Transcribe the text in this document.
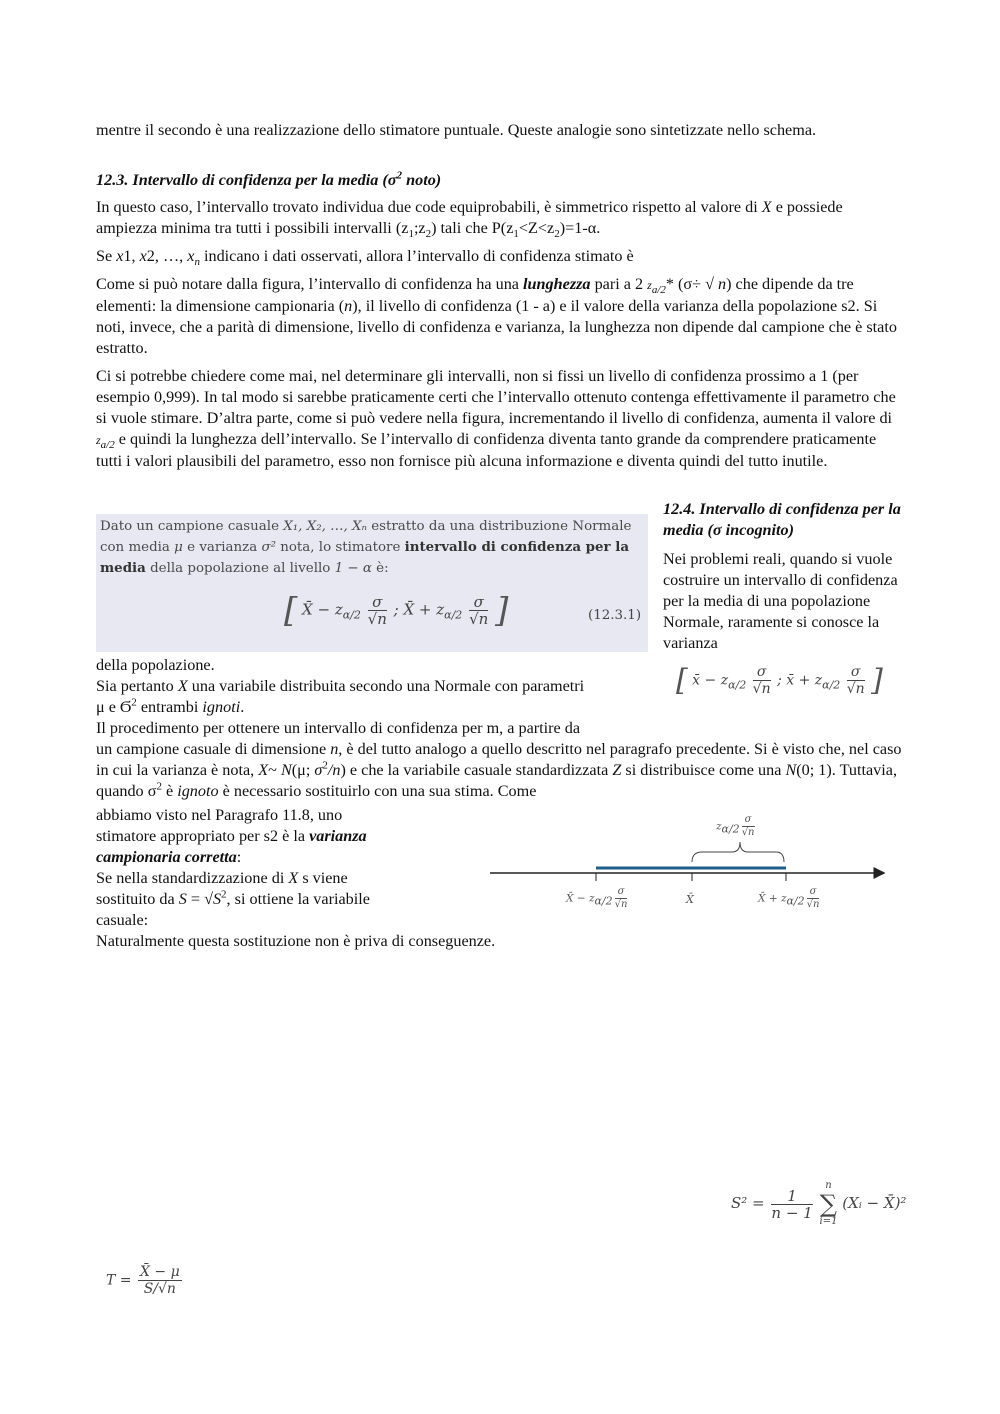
mentre il secondo è una realizzazione dello stimatore puntuale. Queste analogie sono sintetizzate nello schema.

12.3. Intervallo di confidenza per la media ($\sigma^2$ noto)

In questo caso, l’intervallo trovato individua due code equiprobabili, è simmetrico rispetto al valore di X e possiede ampiezza minima tra tutti i possibili intervalli $(z_1;z_2)$ tali che $P(z_1<Z<z_2)=1-\alpha$.

Se x1, x2, …, $x_n$ indicano i dati osservati, allora l’intervallo di confidenza stimato è

Come si può notare dalla figura, l’intervallo di confidenza ha una lunghezza pari a 2 $z_{a/2}*$ (σ÷ √ n) che dipende da tre elementi: la dimensione campionaria (n), il livello di confidenza (1 - a) e il valore della varianza della popolazione s2. Si noti, invece, che a parità di dimensione, livello di confidenza e varianza, la lunghezza non dipende dal campione che è stato estratto.

Ci si potrebbe chiedere come mai, nel determinare gli intervalli, non si fissi un livello di confidenza prossimo a 1 (per esempio 0,999). In tal modo si sarebbe praticamente certi che l’intervallo ottenuto contenga effettivamente il parametro che si vuole stimare. D’altra parte, come si può vedere nella figura, incrementando il livello di confidenza, aumenta il valore di $z_{a/2}$ e quindi la lunghezza dell’intervallo. Se l’intervallo di confidenza diventa tanto grande da comprendere praticamente tutti i valori plausibili del parametro, esso non fornisce più alcuna informazione e diventa quindi del tutto inutile.

Dato un campione casuale X₁, X₂, …, Xₙ estratto da una distribuzione Normale con media μ e varianza σ² nota, lo stimatore intervallo di confidenza per la media della popolazione al livello 1 − α è:
[ X̄ − $z_{\alpha/2} \frac{\sigma}{√n}$ ; X̄ + $z_{\alpha/2} \frac{\sigma}{√n}$ ]	(12.3.1)

12.4. Intervallo di confidenza per la media (σ incognito)

Nei problemi reali, quando si vuole costruire un intervallo di confidenza per la media di una popolazione Normale, raramente si conosce la varianza

[ x̄ − $z_{\alpha/2} \frac{\sigma}{√n}$ ; x̄ + $z_{\alpha/2} \frac{\sigma}{√n}$ ]
della popolazione.
Sia pertanto X una variabile distribuita secondo una Normale con parametri
μ e $Ϭ^2$ entrambi ignoti.
Il procedimento per ottenere un intervallo di confidenza per m, a partire da

un campione casuale di dimensione n, è del tutto analogo a quello descritto nel paragrafo precedente. Si è visto che, nel caso in cui la varianza è nota, X~ N(μ; $\sigma^2/n$) e che la variabile casuale standardizzata Z si distribuisce come una N(0; 1). Tuttavia, quando $\sigma^2$ è ignoto è necessario sostituirlo con una sua stima. Come

abbiamo visto nel Paragrafo 11.8, uno
stimatore appropriato per s2 è la varianza
campionaria corretta:
Se nella standardizzazione di X s viene
sostituito da $S = √S^2$, si ottiene la variabile
casuale:
Naturalmente questa sostituzione non è priva di conseguenze.
$z_{\alpha/2} \frac{\sigma}{√n}$
X̄ − $z_{\alpha/2} \frac{\sigma}{√n}$	X̄	X̄ + $z_{\alpha/2} \frac{\sigma}{√n}$
$S^2 = \frac{1}{n - 1}$

n
∑
i=1
(Xᵢ − X̄)²
$T = \frac{X̄ - \mu}{S/√n}$
